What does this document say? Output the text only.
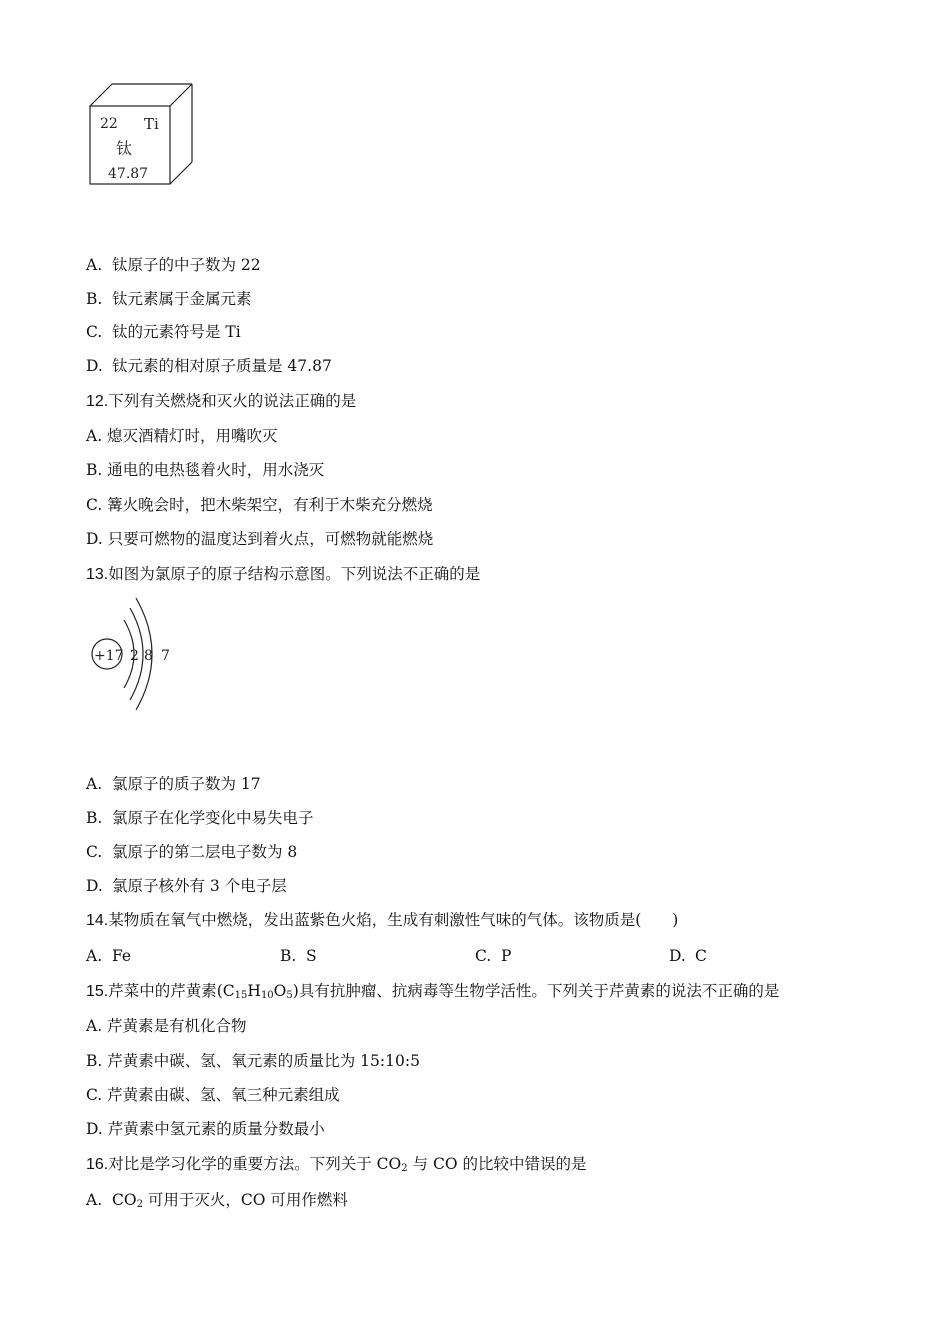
22 Ti
钛
47.87
A. 钛原子的中子数为 22
B. 钛元素属于金属元素
C. 钛的元素符号是 Ti
D. 钛元素的相对原子质量是 47.87
12.下列有关燃烧和灭火的说法正确的是
A. 熄灭酒精灯时，用嘴吹灭
B. 通电的电热毯着火时，用水浇灭
C. 篝火晚会时，把木柴架空，有利于木柴充分燃烧
D. 只要可燃物的温度达到着火点，可燃物就能燃烧
13.如图为氯原子的原子结构示意图。下列说法不正确的是
+17 2 8 7
A. 氯原子的质子数为 17
B. 氯原子在化学变化中易失电子
C. 氯原子的第二层电子数为 8
D. 氯原子核外有 3 个电子层
14.某物质在氧气中燃烧，发出蓝紫色火焰，生成有刺激性气味的气体。该物质是(　　)
A. Fe	B. S	C. P	D. C
15.芹菜中的芹黄素$(C_{15}H_{10}O_5)$具有抗肿瘤、抗病毒等生物学活性。下列关于芹黄素的说法不正确的是
A. 芹黄素是有机化合物
B. 芹黄素中碳、氢、氧元素的质量比为 15:10:5
C. 芹黄素由碳、氢、氧三种元素组成
D. 芹黄素中氢元素的质量分数最小
16.对比是学习化学的重要方法。下列关于 $CO_2$ 与 CO 的比较中错误的是
A. $CO_2$ 可用于灭火，CO 可用作燃料
